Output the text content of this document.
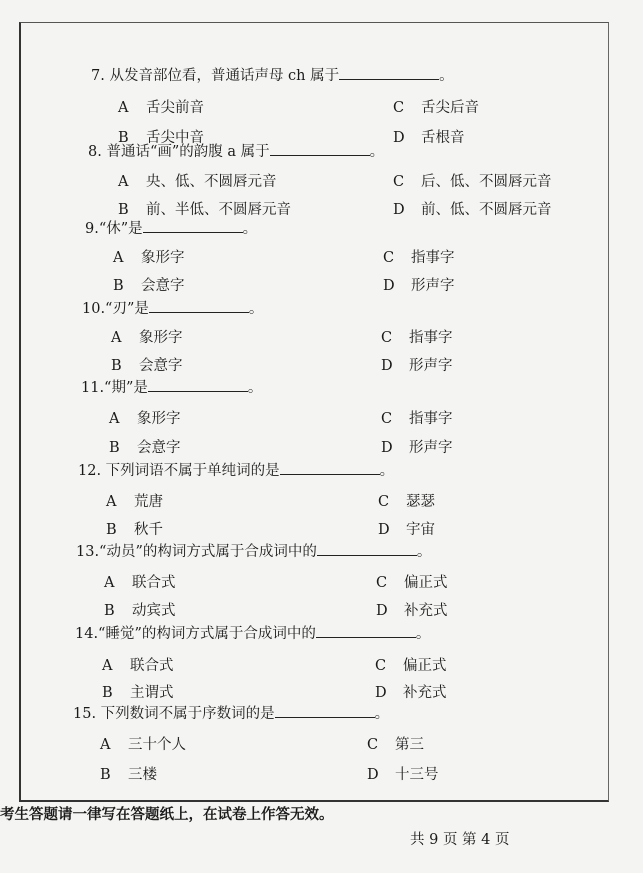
7. 从发音部位看，普通话声母 ch 属于	。
A 舌尖前音	C 舌尖后音
B 舌尖中音	D 舌根音
8. 普通话“画”的韵腹 a 属于	。
A 央、低、不圆唇元音	C 后、低、不圆唇元音
B 前、半低、不圆唇元音	D 前、低、不圆唇元音
9.“休”是	。
A 象形字	C 指事字
B 会意字	D 形声字
10.“刃”是	。
A 象形字	C 指事字
B 会意字	D 形声字
11.“期”是	。
A 象形字	C 指事字
B 会意字	D 形声字
12. 下列词语不属于单纯词的是	。
A 荒唐	C 瑟瑟
B 秋千	D 宇宙
13.“动员”的构词方式属于合成词中的	。
A 联合式	C 偏正式
B 动宾式	D 补充式
14.“睡觉”的构词方式属于合成词中的	。
A 联合式	C 偏正式
B 主谓式	D 补充式
15. 下列数词不属于序数词的是	。
A 三十个人	C 第三
B 三楼	D 十三号
考生答题请一律写在答题纸上，在试卷上作答无效。
共 9 页 第 4 页
